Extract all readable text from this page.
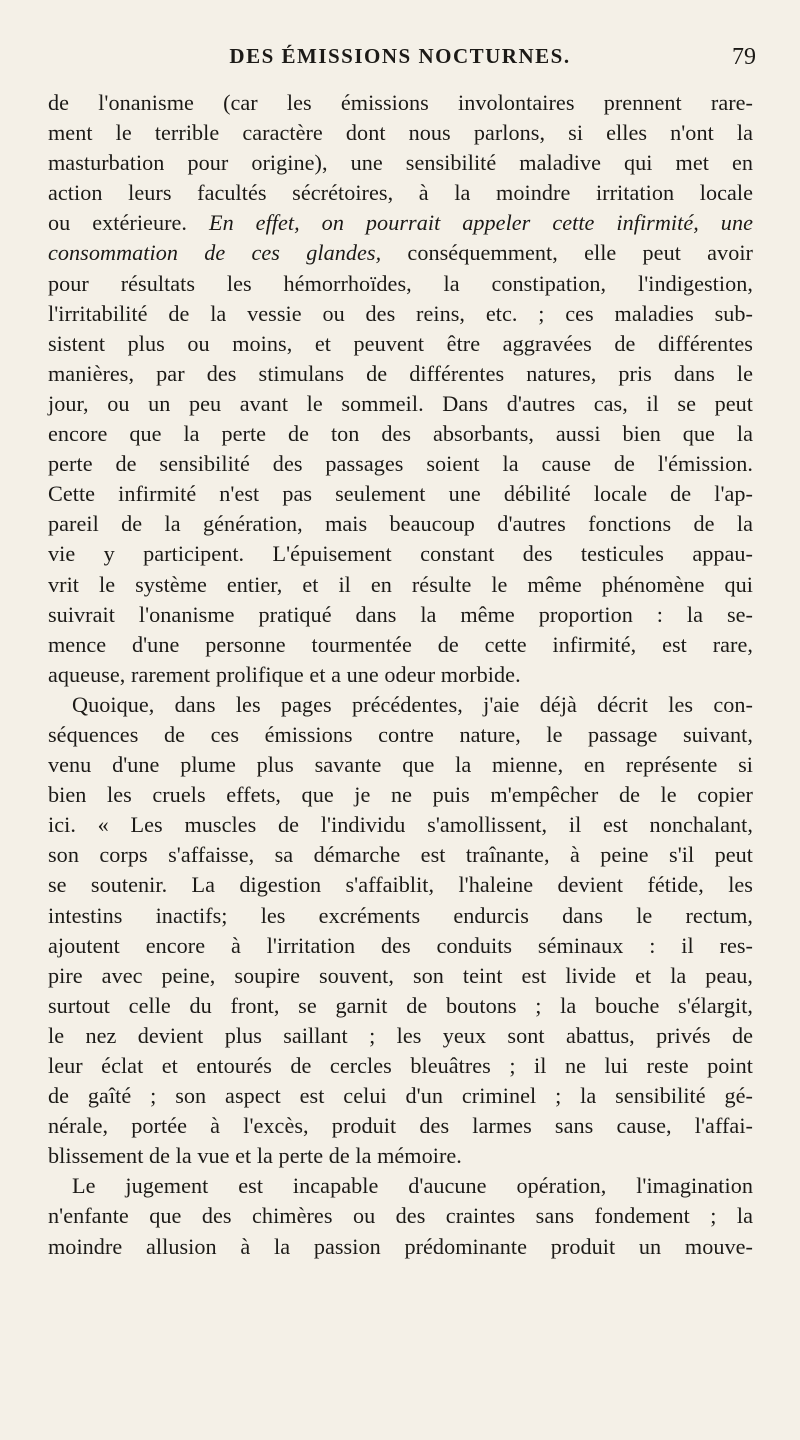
DES ÉMISSIONS NOCTURNES.	79
de l'onanisme (car les émissions involontaires prennent rare-
ment le terrible caractère dont nous parlons, si elles n'ont la
masturbation pour origine), une sensibilité maladive qui met en
action leurs facultés sécrétoires, à la moindre irritation locale
ou extérieure. En effet, on pourrait appeler cette infirmité, une
consommation de ces glandes, conséquemment, elle peut avoir
pour résultats les hémorrhoïdes, la constipation, l'indigestion,
l'irritabilité de la vessie ou des reins, etc. ; ces maladies sub-
sistent plus ou moins, et peuvent être aggravées de différentes
manières, par des stimulans de différentes natures, pris dans le
jour, ou un peu avant le sommeil. Dans d'autres cas, il se peut
encore que la perte de ton des absorbants, aussi bien que la
perte de sensibilité des passages soient la cause de l'émission.
Cette infirmité n'est pas seulement une débilité locale de l'ap-
pareil de la génération, mais beaucoup d'autres fonctions de la
vie y participent. L'épuisement constant des testicules appau-
vrit le système entier, et il en résulte le même phénomène qui
suivrait l'onanisme pratiqué dans la même proportion : la se-
mence d'une personne tourmentée de cette infirmité, est rare,
aqueuse, rarement prolifique et a une odeur morbide.
Quoique, dans les pages précédentes, j'aie déjà décrit les con-
séquences de ces émissions contre nature, le passage suivant,
venu d'une plume plus savante que la mienne, en représente si
bien les cruels effets, que je ne puis m'empêcher de le copier
ici. « Les muscles de l'individu s'amollissent, il est nonchalant,
son corps s'affaisse, sa démarche est traînante, à peine s'il peut
se soutenir. La digestion s'affaiblit, l'haleine devient fétide, les
intestins inactifs; les excréments endurcis dans le rectum,
ajoutent encore à l'irritation des conduits séminaux : il res-
pire avec peine, soupire souvent, son teint est livide et la peau,
surtout celle du front, se garnit de boutons ; la bouche s'élargit,
le nez devient plus saillant ; les yeux sont abattus, privés de
leur éclat et entourés de cercles bleuâtres ; il ne lui reste point
de gaîté ; son aspect est celui d'un criminel ; la sensibilité gé-
nérale, portée à l'excès, produit des larmes sans cause, l'affai-
blissement de la vue et la perte de la mémoire.
Le jugement est incapable d'aucune opération, l'imagination
n'enfante que des chimères ou des craintes sans fondement ; la
moindre allusion à la passion prédominante produit un mouve-
